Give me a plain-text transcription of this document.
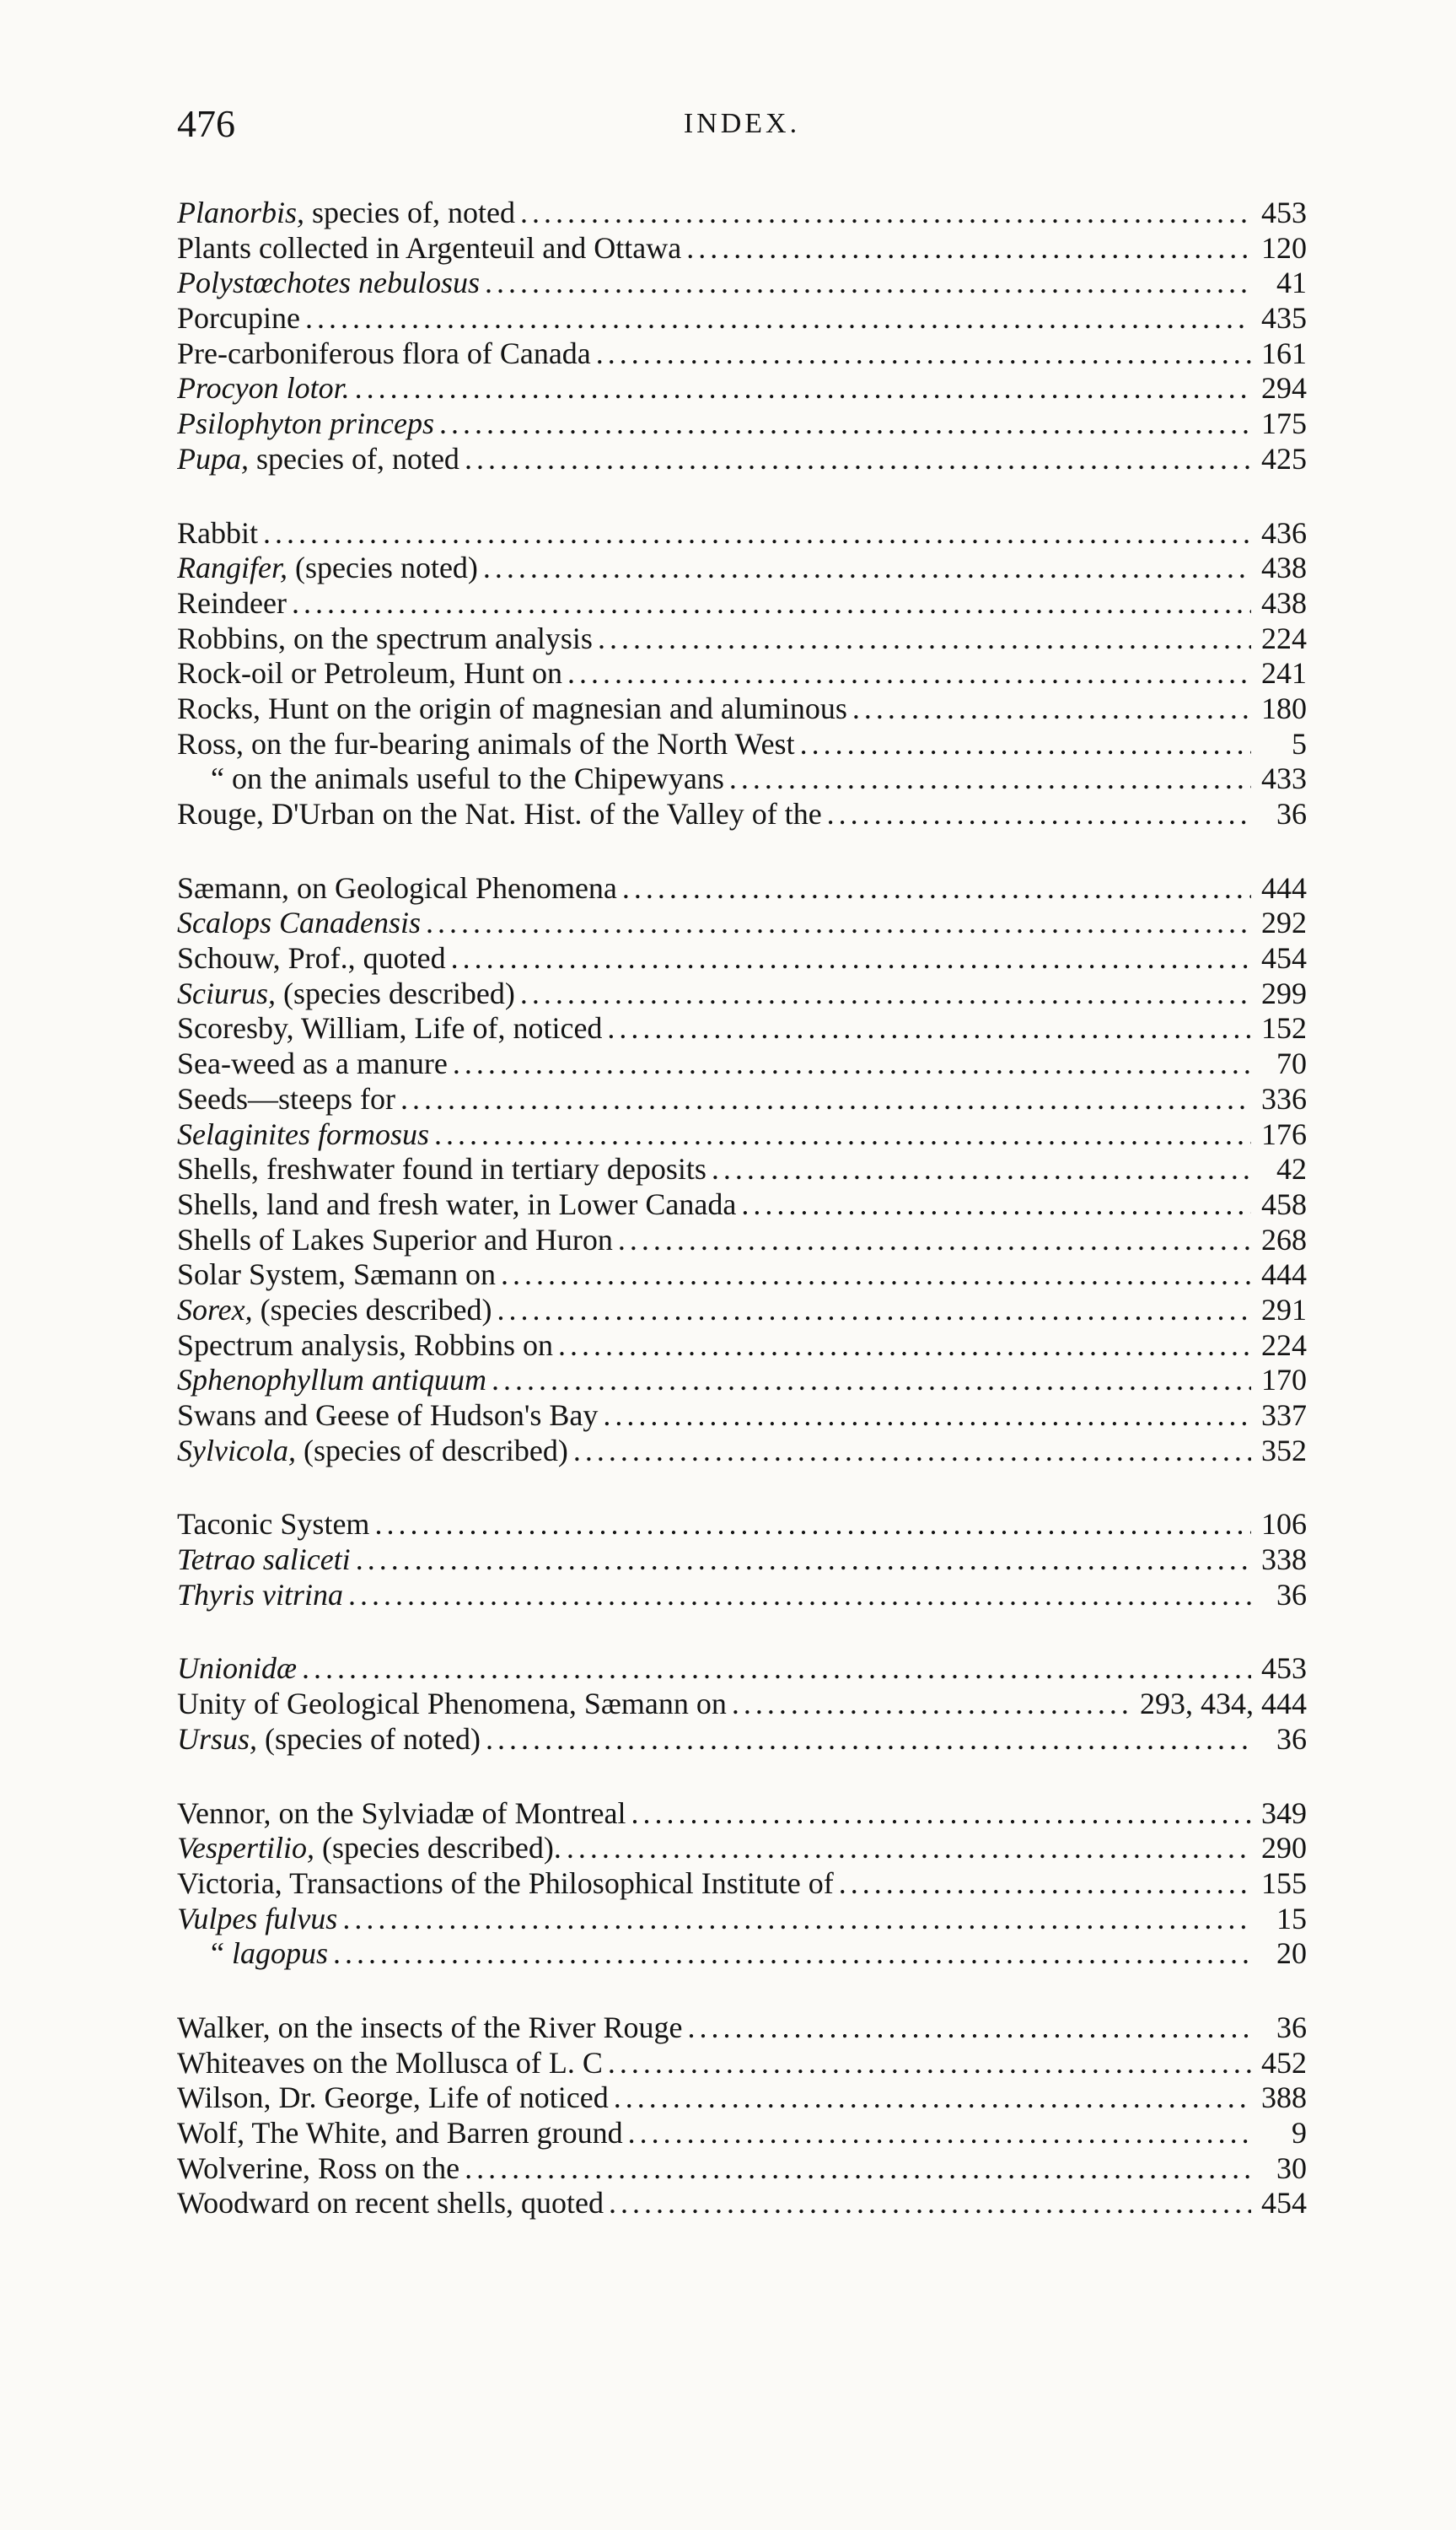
476	INDEX.
Planorbis, species of, noted .....	453
Plants collected in Argenteuil and Ottawa .....	120
Polystœchotes nebulosus .....	41
Porcupine .....	435
Pre-carboniferous flora of Canada .....	161
Procyon lotor. .....	294
Psilophyton princeps .....	175
Pupa, species of, noted .....	425
Rabbit .....	436
Rangifer, (species noted) .....	438
Reindeer .....	438
Robbins, on the spectrum analysis .....	224
Rock-oil or Petroleum, Hunt on .....	241
Rocks, Hunt on the origin of magnesian and aluminous .....	180
Ross, on the fur-bearing animals of the North West .....	5
“ on the animals useful to the Chipewyans .....	433
Rouge, D'Urban on the Nat. Hist. of the Valley of the .....	36
Sæmann, on Geological Phenomena .....	444
Scalops Canadensis .....	292
Schouw, Prof., quoted .....	454
Sciurus, (species described) .....	299
Scoresby, William, Life of, noticed .....	152
Sea-weed as a manure .....	70
Seeds—steeps for .....	336
Selaginites formosus .....	176
Shells, freshwater found in tertiary deposits .....	42
Shells, land and fresh water, in Lower Canada .....	458
Shells of Lakes Superior and Huron .....	268
Solar System, Sæmann on .....	444
Sorex, (species described) .....	291
Spectrum analysis, Robbins on .....	224
Sphenophyllum antiquum .....	170
Swans and Geese of Hudson's Bay .....	337
Sylvicola, (species of described) .....	352
Taconic System .....	106
Tetrao saliceti .....	338
Thyris vitrina .....	36
Unionidæ .....	453
Unity of Geological Phenomena, Sæmann on .....	293, 434, 444
Ursus, (species of noted) .....	36
Vennor, on the Sylviadæ of Montreal .....	349
Vespertilio, (species described). .....	290
Victoria, Transactions of the Philosophical Institute of .....	155
Vulpes fulvus .....	15
“ lagopus .....	20
Walker, on the insects of the River Rouge .....	36
Whiteaves on the Mollusca of L. C .....	452
Wilson, Dr. George, Life of noticed .....	388
Wolf, The White, and Barren ground .....	9
Wolverine, Ross on the .....	30
Woodward on recent shells, quoted .....	454
